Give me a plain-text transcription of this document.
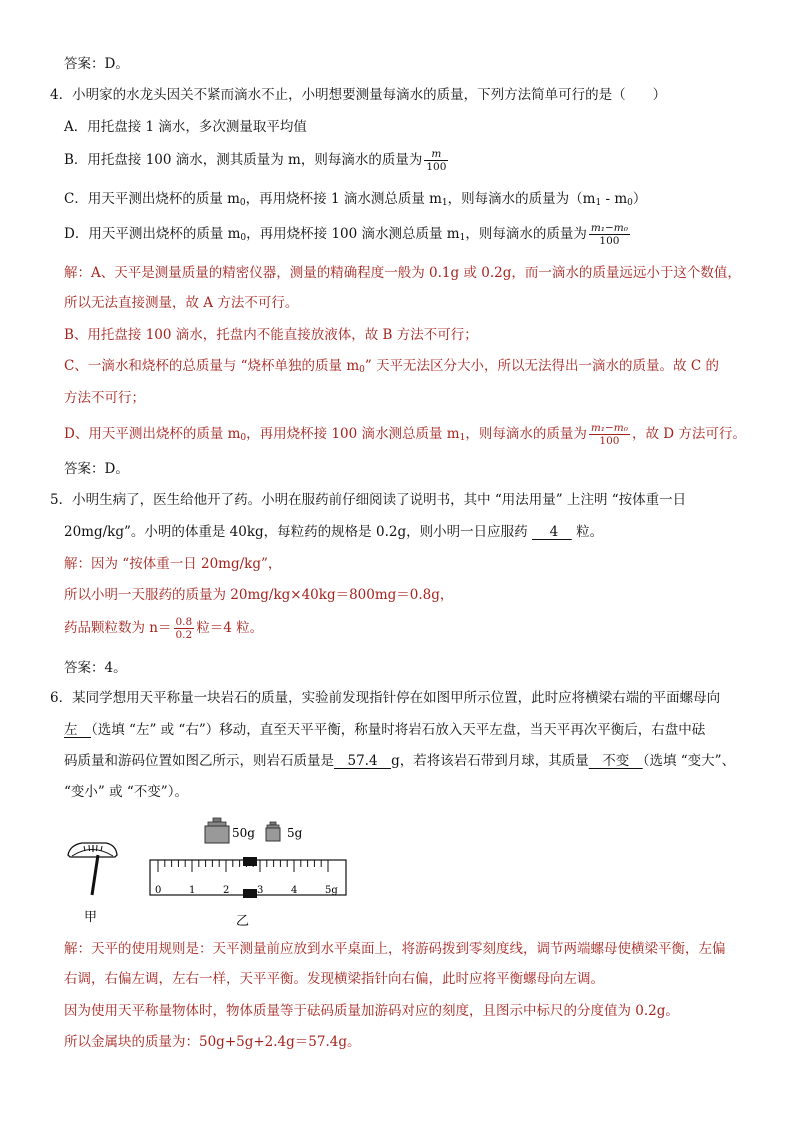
答案：D。
4．小明家的水龙头因关不紧而滴水不止，小明想要测量每滴水的质量，下列方法简单可行的是（　　）
A．用托盘接 1 滴水，多次测量取平均值
B．用托盘接 100 滴水，测其质量为 m，则每滴水的质量为 $\frac{m}{100}$
C．用天平测出烧杯的质量 $m_0$，再用烧杯接 1 滴水测总质量 $m_1$，则每滴水的质量为$(m_1 - m_0)$
D．用天平测出烧杯的质量 $m_0$，再用烧杯接 100 滴水测总质量 $m_1$，则每滴水的质量为 $\frac{\text{m₁−m₀}}{100}$
解：A、天平是测量质量的精密仪器，测量的精确程度一般为 0.1g 或 0.2g，而一滴水的质量远远小于这个数值，
所以无法直接测量，故 A 方法不可行。
B、用托盘接 100 滴水，托盘内不能直接放液体，故 B 方法不可行；
C、一滴水和烧杯的总质量与 “烧杯单独的质量 $m_0$” 天平无法区分大小，所以无法得出一滴水的质量。故 C 的
方法不可行；
D、用天平测出烧杯的质量 $m_0$，再用烧杯接 100 滴水测总质量 $m_1$，则每滴水的质量为 $\frac{\text{m₁−m₀}}{100}$ ，故 D 方法可行。
答案：D。
5．小明生病了，医生给他开了药。小明在服药前仔细阅读了说明书，其中 “用法用量” 上注明 “按体重一日
20mg/kg”。小明的体重是 40kg，每粒药的规格是 0.2g，则小明一日应服药 　 4　 粒。
解：因为 “按体重一日 20mg/kg”，
所以小明一天服药的质量为 20mg/kg×40kg＝800mg＝0.8g，
药品颗粒数为 $n= \frac{0.8}{0.2}$ 粒＝4 粒。
答案：4。
6．某同学想用天平称量一块岩石的质量，实验前发现指针停在如图甲所示位置，此时应将横梁右端的平面螺母向
左　（选填 “左” 或 “右”）移动，直至天平平衡，称量时将岩石放入天平左盘，当天平再次平衡后，右盘中砝
码质量和游码位置如图乙所示，则岩石质量是　57.4　g，若将该岩石带到月球，其质量　不变　（选填 “变大”、
“变小” 或 “不变”）。
甲
50g	5g
0	1	2	3	4	5g
乙
解：天平的使用规则是：天平测量前应放到水平桌面上，将游码拨到零刻度线，调节两端螺母使横梁平衡，左偏
右调，右偏左调，左右一样，天平平衡。发现横梁指针向右偏，此时应将平衡螺母向左调。
因为使用天平称量物体时，物体质量等于砝码质量加游码对应的刻度，且图示中标尺的分度值为 0.2g。
所以金属块的质量为：50g+5g+2.4g＝57.4g。
